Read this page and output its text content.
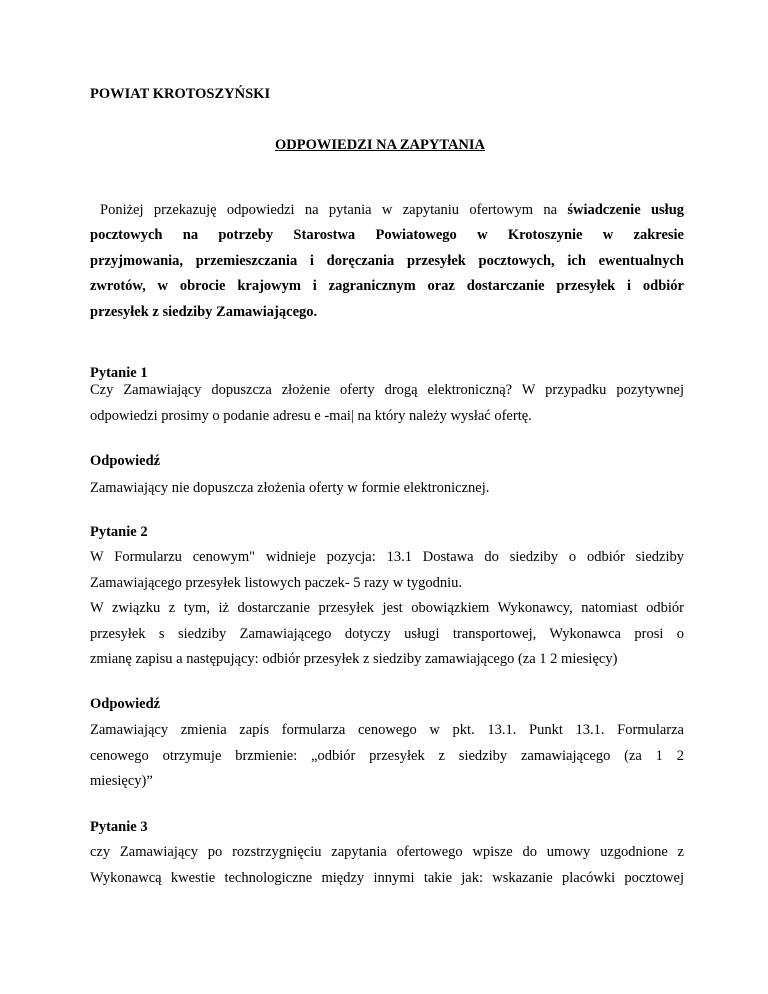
POWIAT KROTOSZYŃSKI

ODPOWIEDZI NA ZAPYTANIA

Poniżej przekazuję odpowiedzi na pytania w zapytaniu ofertowym na świadczenie usług

pocztowych na potrzeby Starostwa Powiatowego w Krotoszynie w zakresie

przyjmowania, przemieszczania i doręczania przesyłek pocztowych, ich ewentualnych

zwrotów, w obrocie krajowym i zagranicznym oraz dostarczanie przesyłek i odbiór

przesyłek z siedziby Zamawiającego.

Pytanie 1

Czy Zamawiający dopuszcza złożenie oferty drogą elektroniczną? W przypadku pozytywnej

odpowiedzi prosimy o podanie adresu e -mai| na który należy wysłać ofertę.

Odpowiedź

Zamawiający nie dopuszcza złożenia oferty w formie elektronicznej.

Pytanie 2

W Formularzu cenowym" widnieje pozycja: 13.1 Dostawa do siedziby o odbiór siedziby

Zamawiającego przesyłek listowych paczek- 5 razy w tygodniu.

W związku z tym, iż dostarczanie przesyłek jest obowiązkiem Wykonawcy, natomiast odbiór

przesyłek s siedziby Zamawiającego dotyczy usługi transportowej, Wykonawca prosi o

zmianę zapisu a następujący: odbiór przesyłek z siedziby zamawiającego (za 1 2 miesięcy)

Odpowiedź

Zamawiający zmienia zapis formularza cenowego w pkt. 13.1. Punkt 13.1. Formularza

cenowego otrzymuje brzmienie: „odbiór przesyłek z siedziby zamawiającego (za 1 2

miesięcy)”

Pytanie 3

czy Zamawiający po rozstrzygnięciu zapytania ofertowego wpisze do umowy uzgodnione z

Wykonawcą kwestie technologiczne między innymi takie jak: wskazanie placówki pocztowej
